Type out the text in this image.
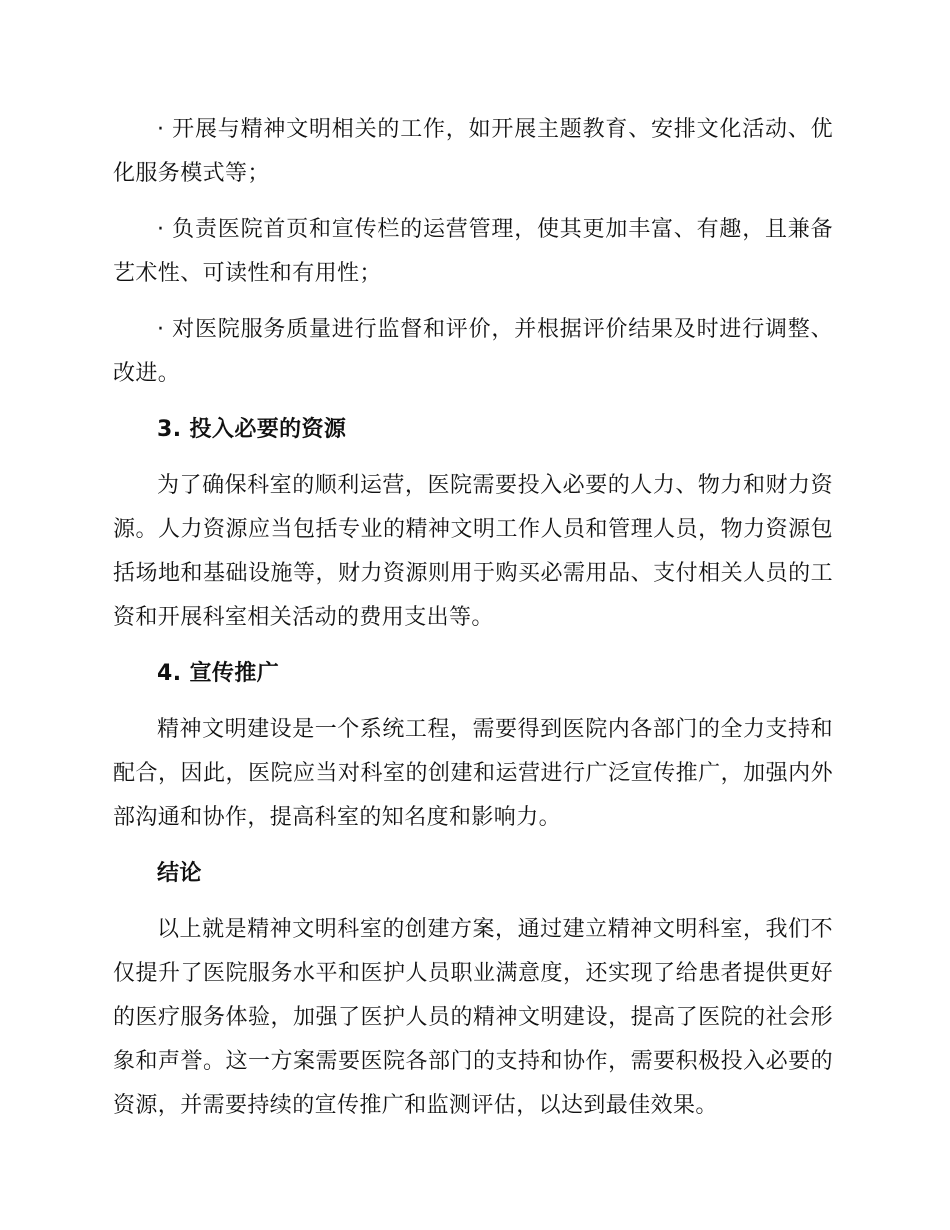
· 开展与精神文明相关的工作，如开展主题教育、安排文化活动、优化服务模式等；

· 负责医院首页和宣传栏的运营管理，使其更加丰富、有趣，且兼备艺术性、可读性和有用性；

· 对医院服务质量进行监督和评价，并根据评价结果及时进行调整、改进。

3. 投入必要的资源

为了确保科室的顺利运营，医院需要投入必要的人力、物力和财力资源。人力资源应当包括专业的精神文明工作人员和管理人员，物力资源包括场地和基础设施等，财力资源则用于购买必需用品、支付相关人员的工资和开展科室相关活动的费用支出等。

4. 宣传推广

精神文明建设是一个系统工程，需要得到医院内各部门的全力支持和配合，因此，医院应当对科室的创建和运营进行广泛宣传推广，加强内外部沟通和协作，提高科室的知名度和影响力。

结论

以上就是精神文明科室的创建方案，通过建立精神文明科室，我们不仅提升了医院服务水平和医护人员职业满意度，还实现了给患者提供更好的医疗服务体验，加强了医护人员的精神文明建设，提高了医院的社会形象和声誉。这一方案需要医院各部门的支持和协作，需要积极投入必要的资源，并需要持续的宣传推广和监测评估，以达到最佳效果。
